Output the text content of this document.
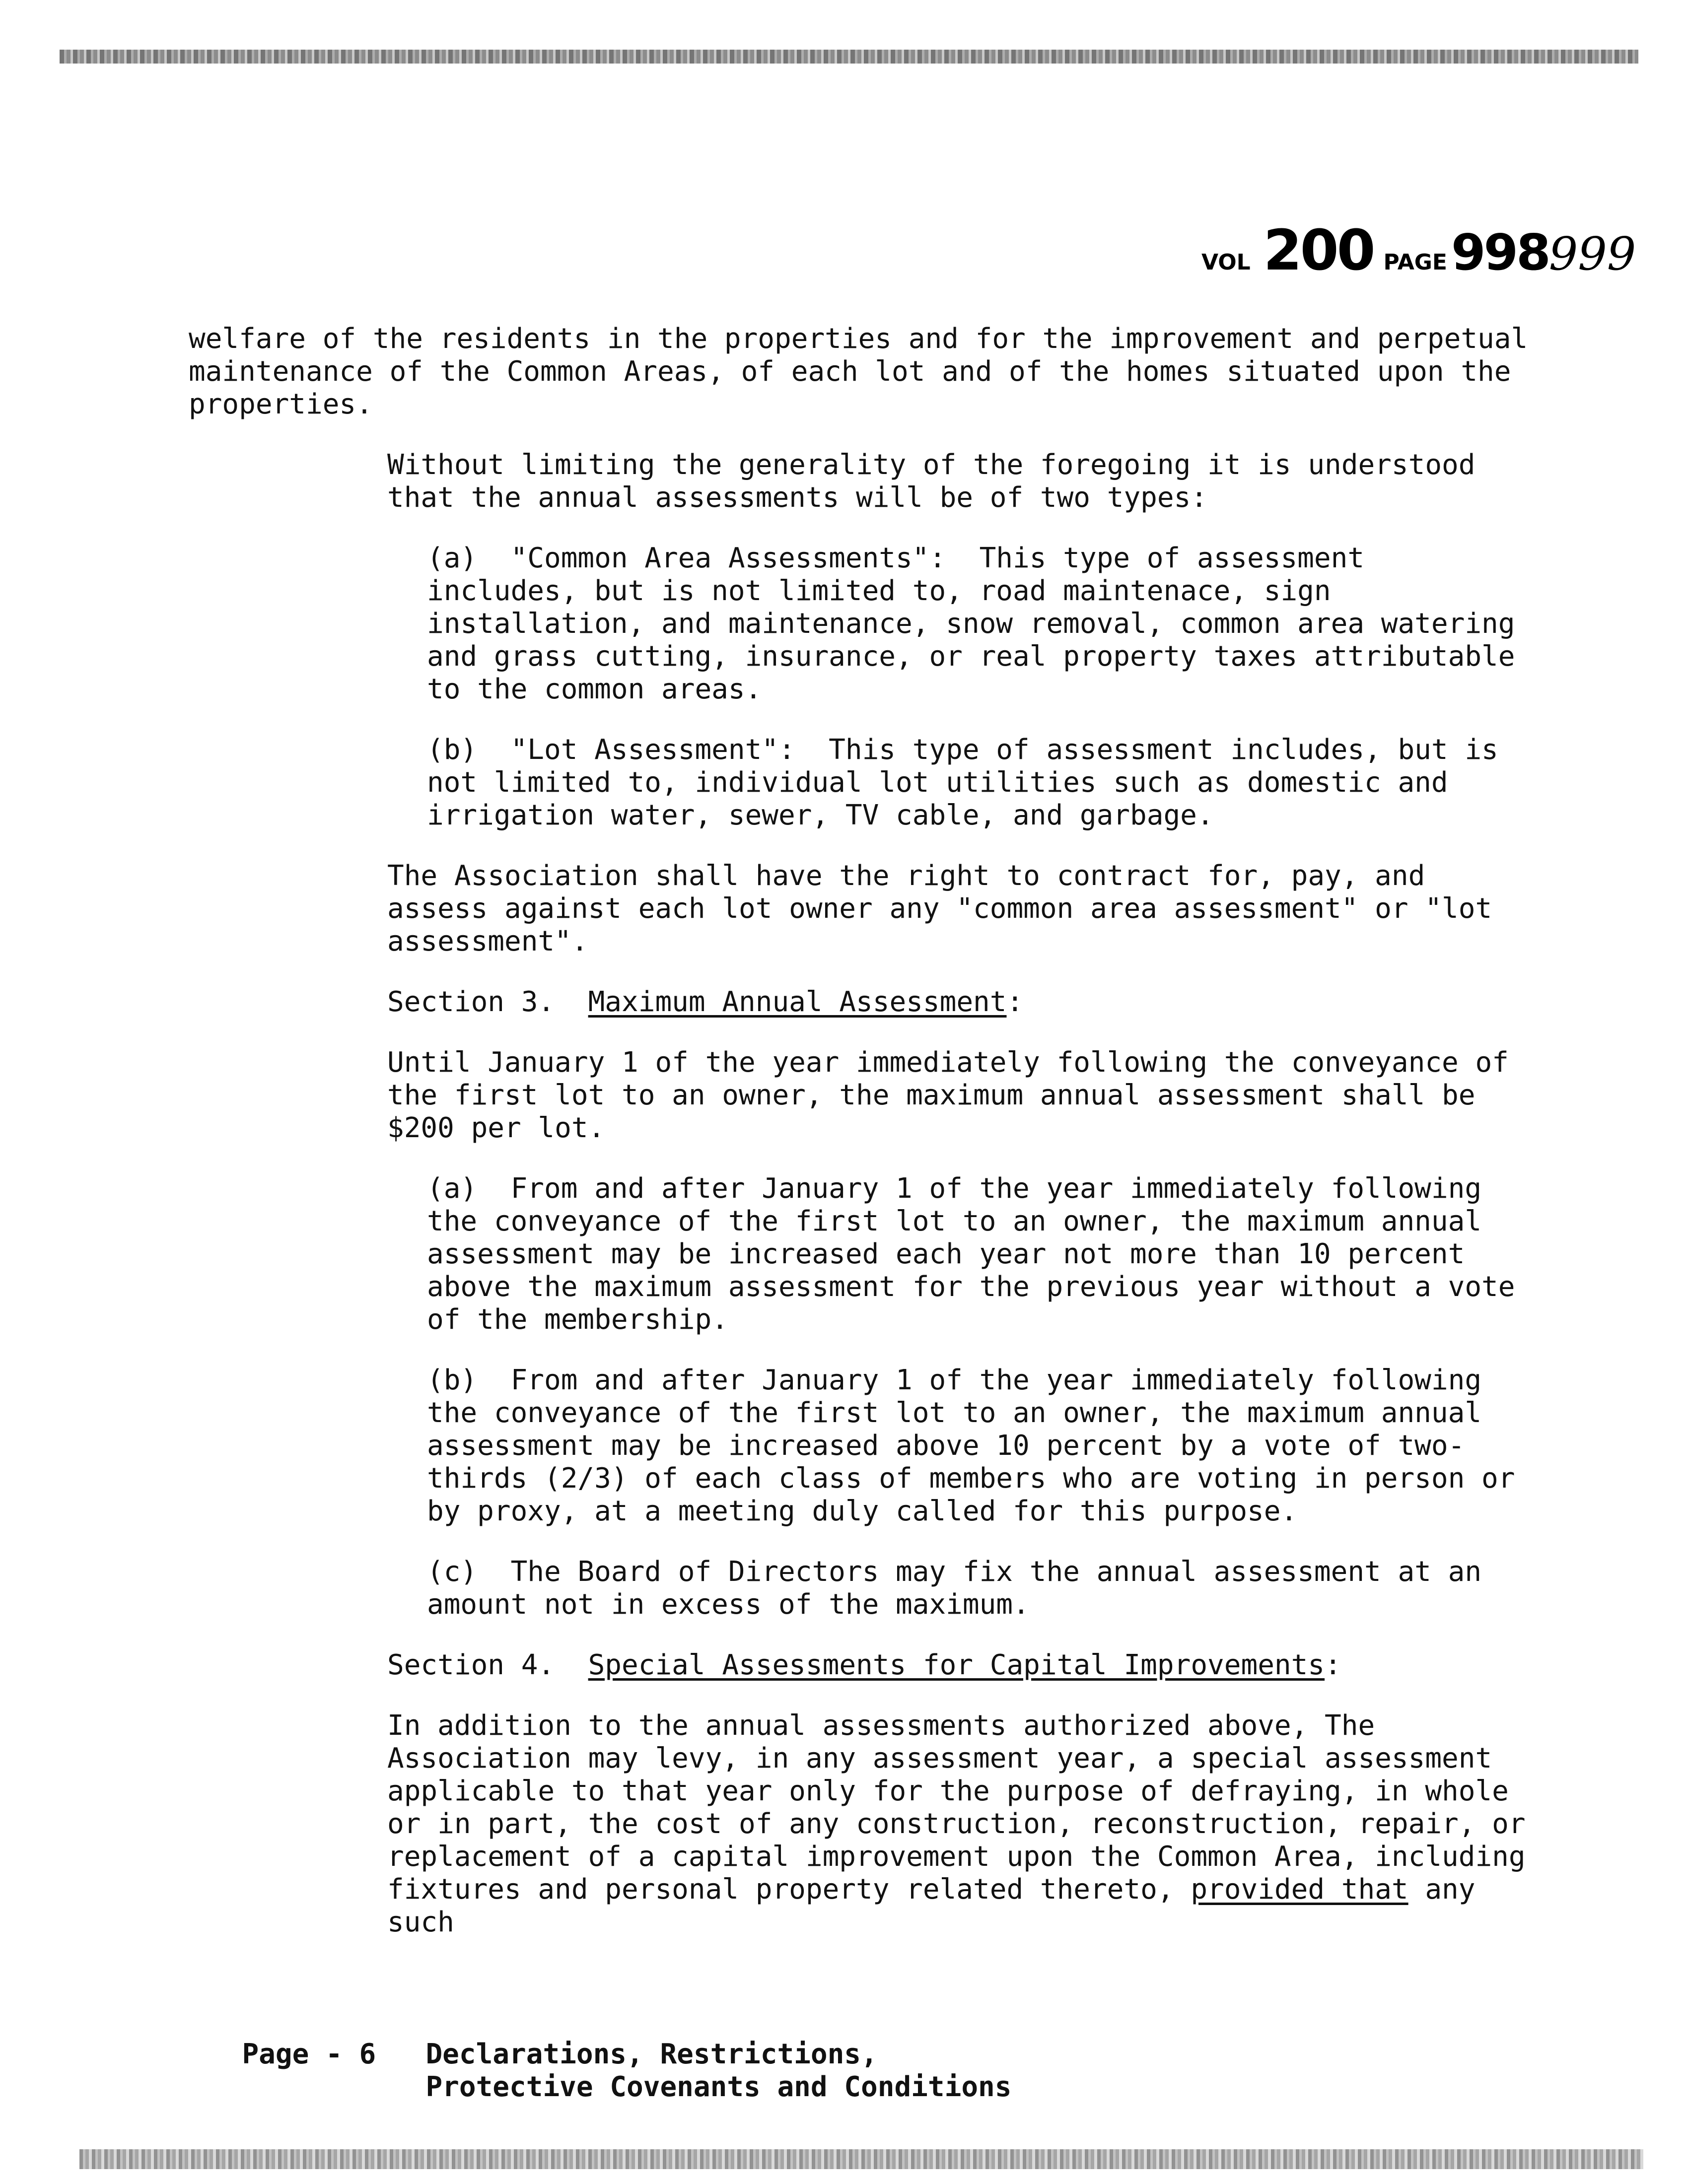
VOL 200 PAGE998999

welfare of the residents in the properties and for the improvement and perpetual maintenance of the Common Areas, of each lot and of the homes situated upon the properties.

Without limiting the generality of the foregoing it is understood that the annual assessments will be of two types:

(a)  "Common Area Assessments":  This type of assessment includes, but is not limited to, road maintenace, sign installation, and maintenance, snow removal, common area watering and grass cutting, insurance, or real property taxes attributable to the common areas.

(b)  "Lot Assessment":  This type of assessment includes, but is not limited to, individual lot utilities such as domestic and irrigation water, sewer, TV cable, and garbage.

The Association shall have the right to contract for, pay, and assess against each lot owner any "common area assessment" or "lot assessment".

Section 3. Maximum Annual Assessment:

Until January 1 of the year immediately following the conveyance of the first lot to an owner, the maximum annual assessment shall be $200 per lot.

(a)  From and after January 1 of the year immediately following the conveyance of the first lot to an owner, the maximum annual assessment may be increased each year not more than 10 percent above the maximum assessment for the previous year without a vote of the membership.

(b)  From and after January 1 of the year immediately following the conveyance of the first lot to an owner, the maximum annual assessment may be increased above 10 percent by a vote of two-thirds (2/3) of each class of members who are voting in person or by proxy, at a meeting duly called for this purpose.

(c)  The Board of Directors may fix the annual assessment at an amount not in excess of the maximum.

Section 4. Special Assessments for Capital Improvements:

In addition to the annual assessments authorized above, The Association may levy, in any assessment year, a special assessment applicable to that year only for the purpose of defraying, in whole or in part, the cost of any construction, reconstruction, repair, or replacement of a capital improvement upon the Common Area, including fixtures and personal property related thereto, provided that any such

Page - 6 Declarations, Restrictions,
Protective Covenants and Conditions
